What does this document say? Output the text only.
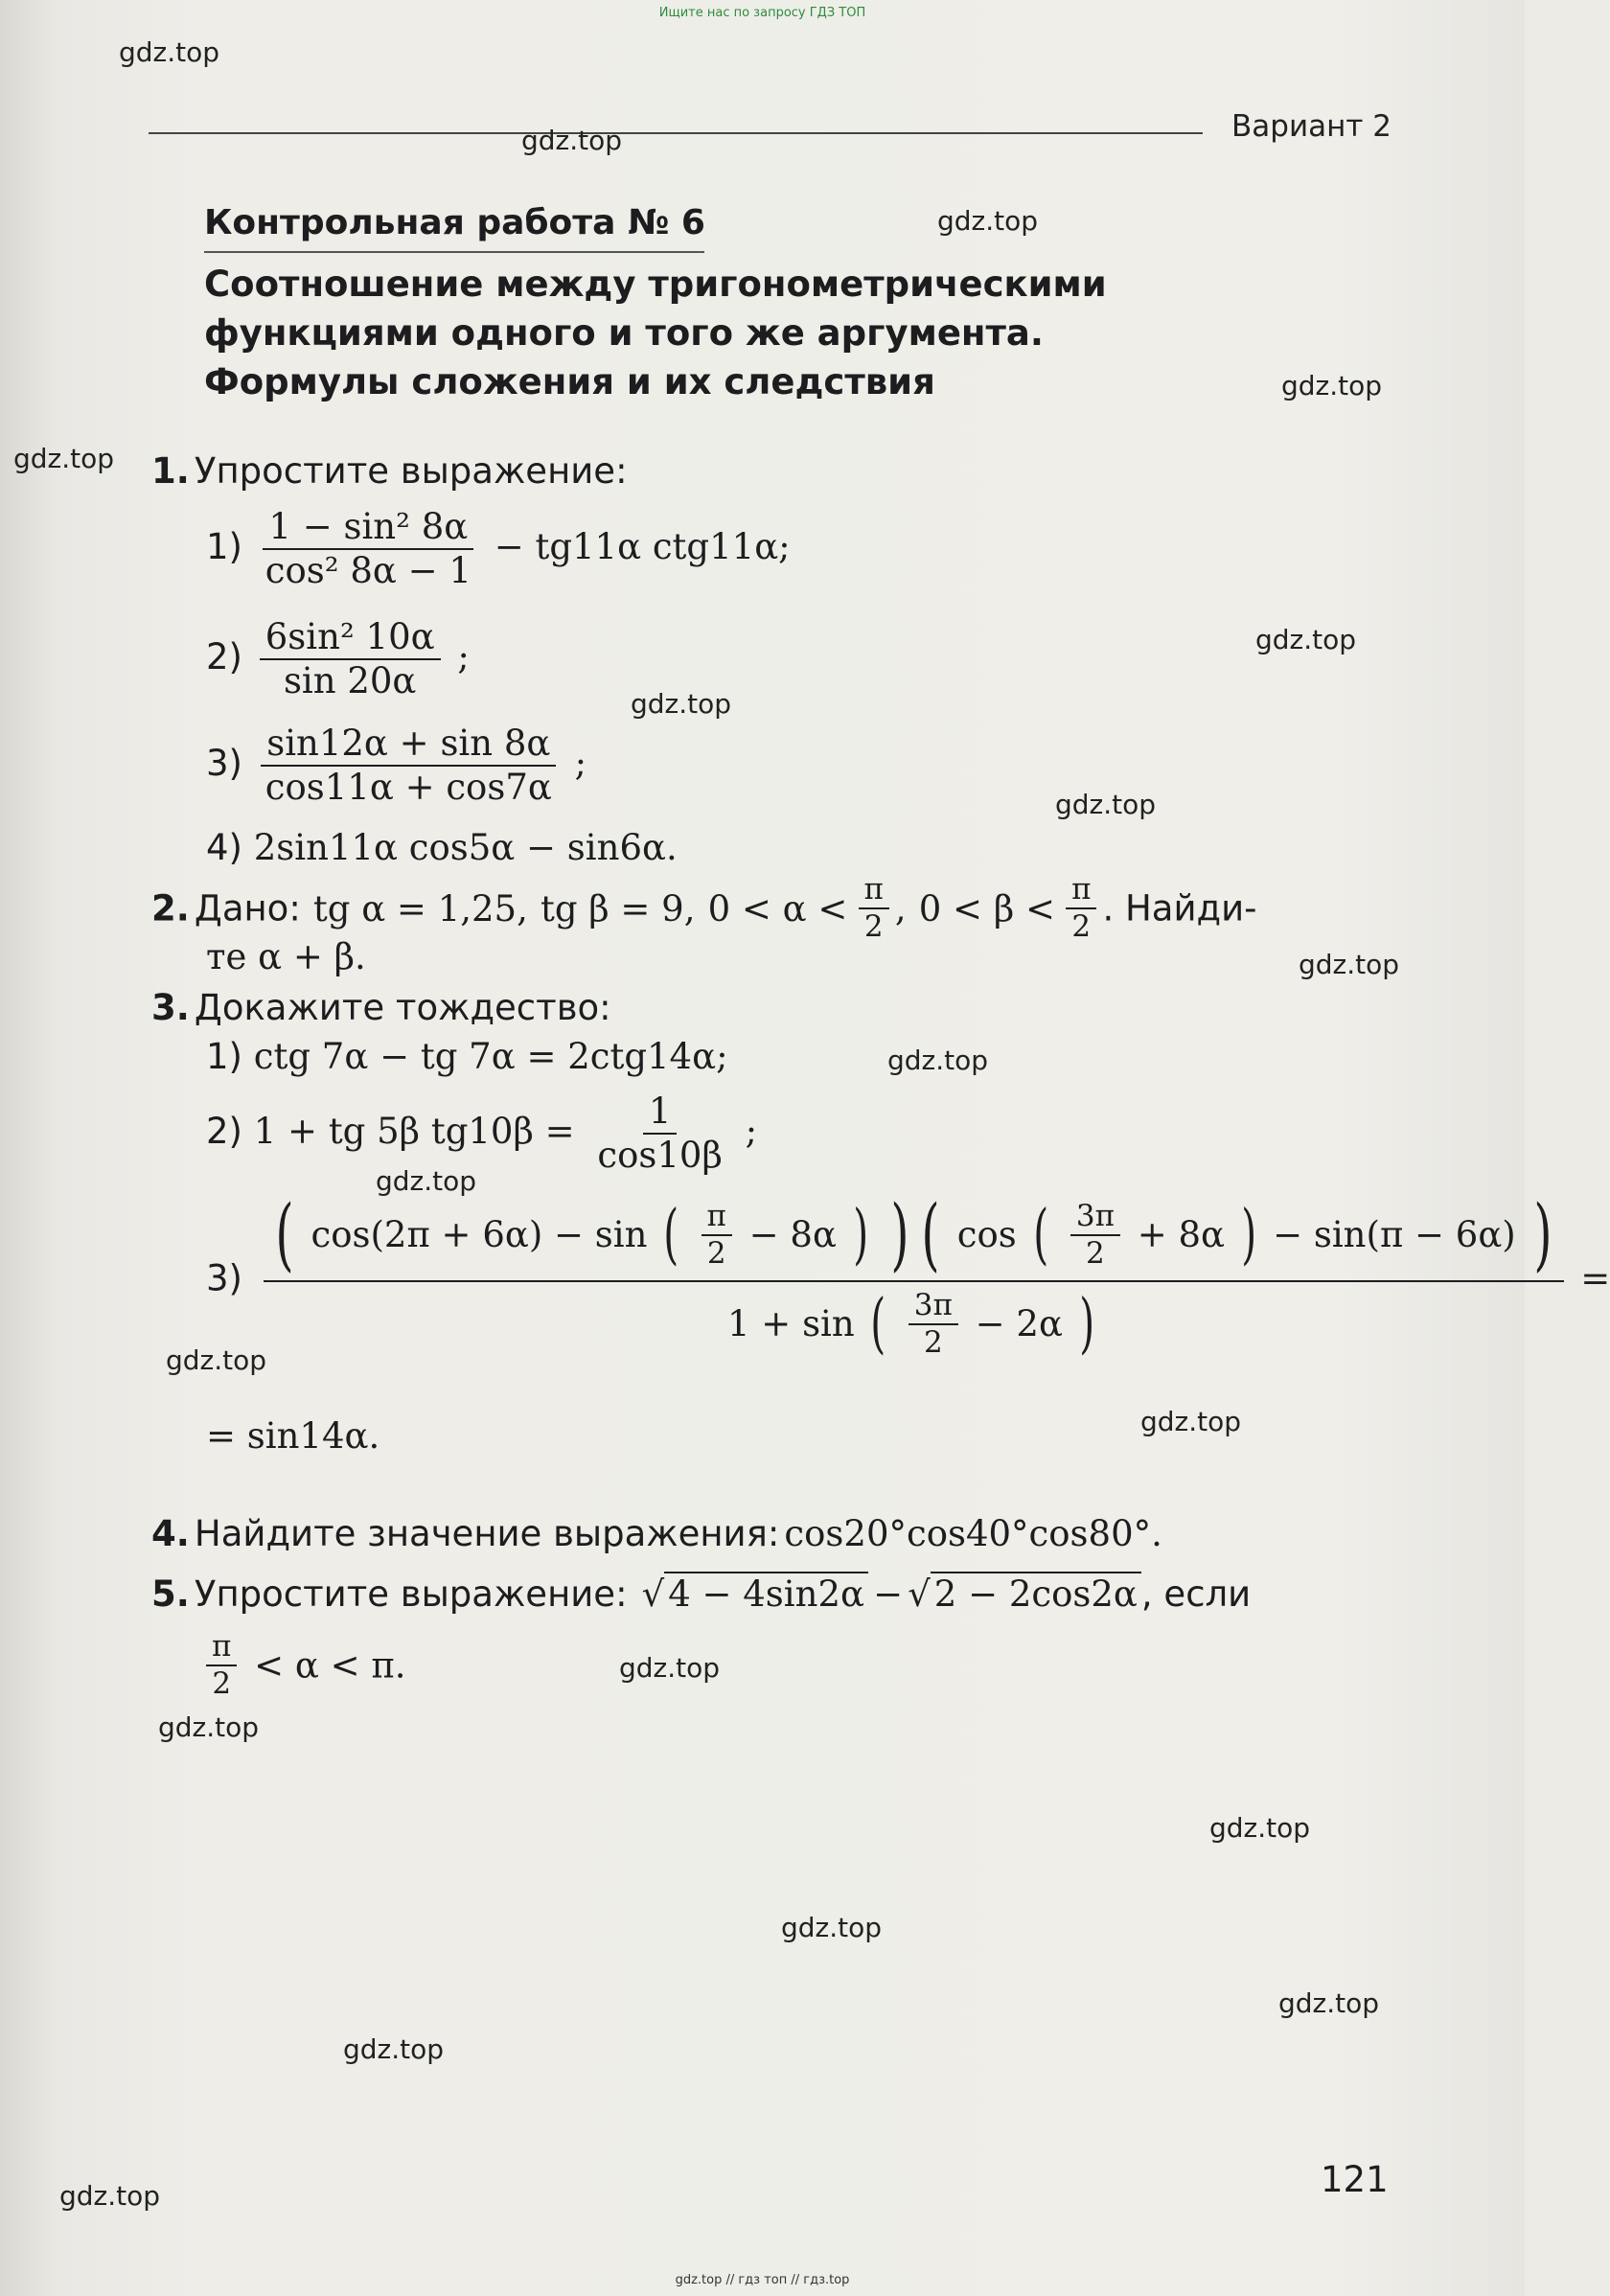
Ищите нас по запросу ГДЗ ТОП
Вариант 2
Контрольная работа № 6
Соотношение между тригонометрическими
функциями одного и того же аргумента.
Формулы сложения и их следствия
1. Упростите выражение:
$1) \frac{\text{1 − sin² 8α}}{\text{cos² 8α − 1}} - tg11\alpha$ ctg11α;
$2) \frac{\text{6sin² 10α}}{\sin 20\alpha}$ ;
$3) \frac{\sin 12\alpha + \sin 8\alpha}{\cos 11\alpha + \cos 7\alpha}$ ;
4) 2sin11α cos5α − sin6α.
2. Дано: tg α = 1,25, tg β = 9, $0 < \alpha < \frac{\pi}{2}$ , $0 < \beta < \frac{\pi}{2}$ . Найди-
те α + β.
3. Докажите тождество:
1) ctg 7α − tg 7α = 2ctg14α;
2) 1 + tg 5β $tg10\beta = \frac{1}{\cos 10\beta}$ ;
3) ( cos(2π + 6α) − sin ( $\frac{\pi}{2} - 8\alpha$ ) ) ( cos ( $\frac{3\pi}{2} + 8\alpha$ ) − sin(π − 6α) )
1 + sin ( $\frac{3\pi}{2} - 2\alpha$ )
=
= sin14α.
4. Найдите значение выражения: cos20°cos40°cos80°.
5. Упростите выражение: √ 4 − 4sin2α − √ 2 − 2cos2α , если
$\frac{\pi}{2} < \alpha < \pi$.
121
gdz.top
gdz.top
gdz.top
gdz.top
gdz.top
gdz.top
gdz.top
gdz.top
gdz.top
gdz.top
gdz.top
gdz.top
gdz.top
gdz.top
gdz.top
gdz.top
gdz.top
gdz.top
gdz.top
gdz.top
gdz.top // гдз топ // гдз.top
